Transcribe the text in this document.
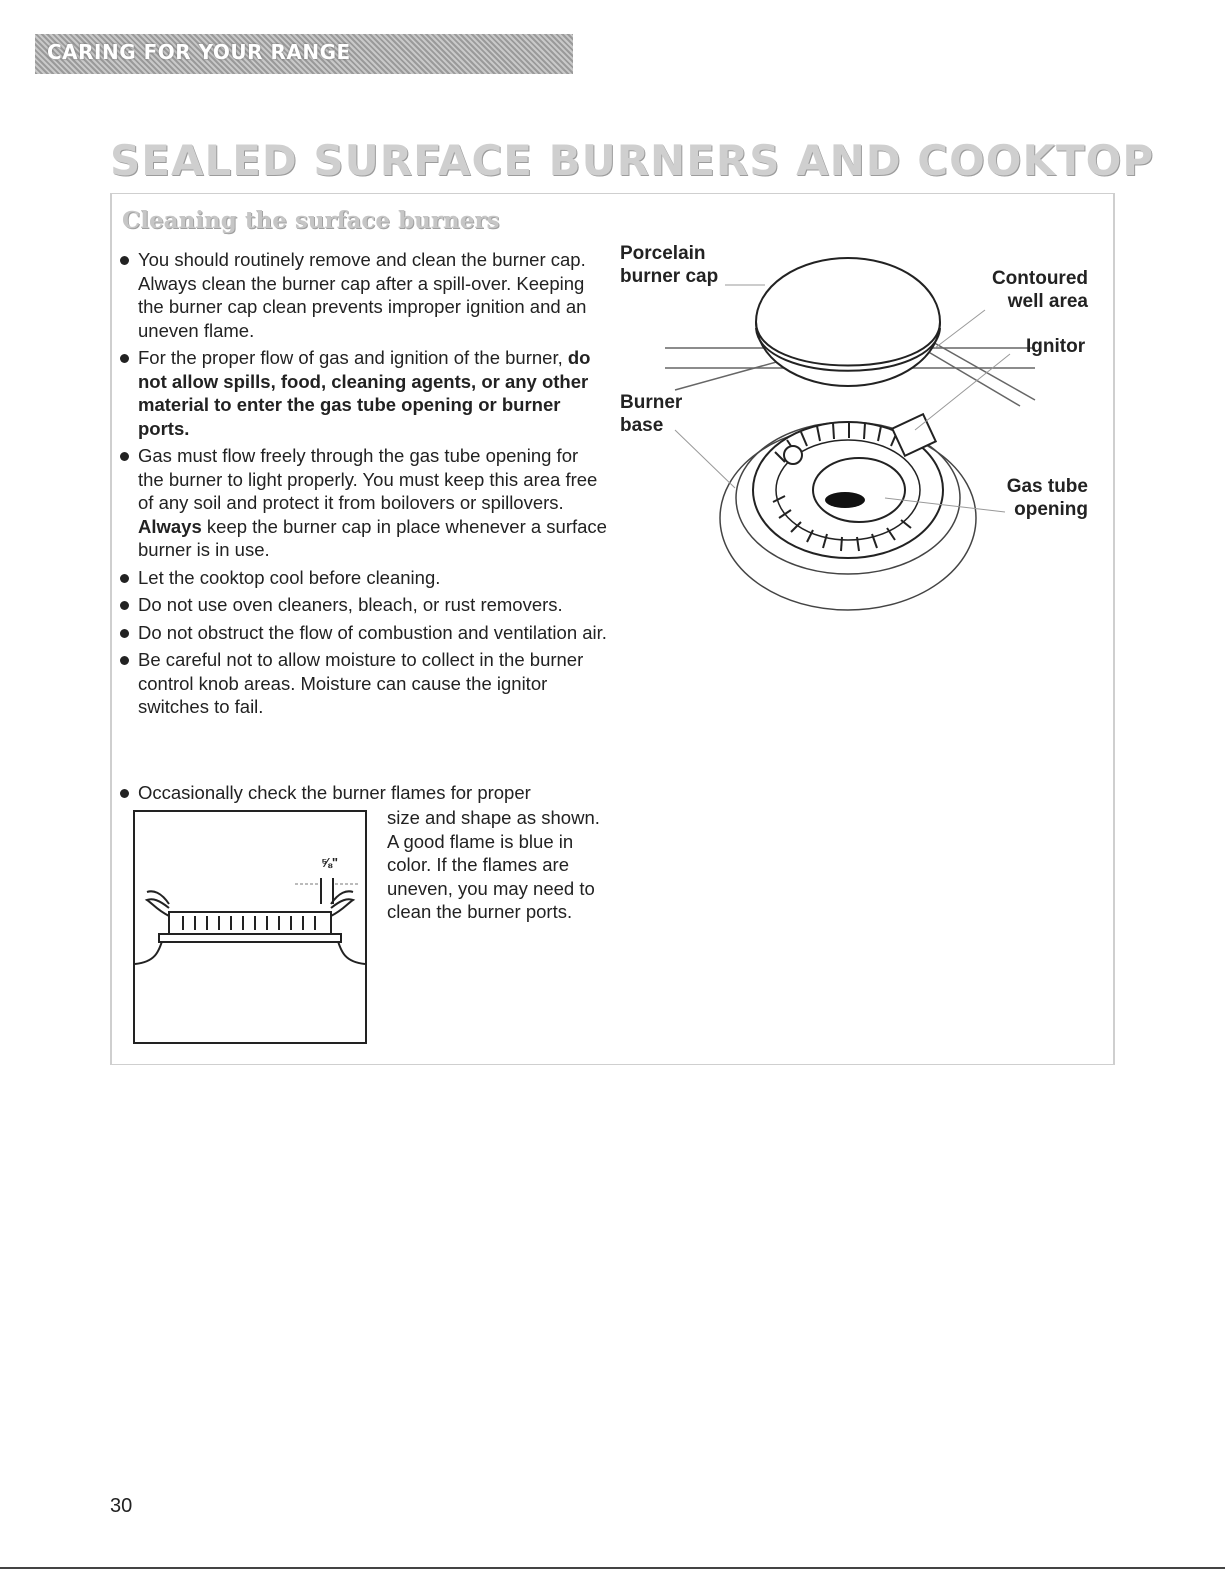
CARING FOR YOUR RANGE
SEALED SURFACE BURNERS AND COOKTOP
Cleaning the surface burners
You should routinely remove and clean the burner cap. Always clean the burner cap after a spill-over. Keeping the burner cap clean prevents improper ignition and an uneven flame.
For the proper flow of gas and ignition of the burner, do not allow spills, food, cleaning agents, or any other material to enter the gas tube opening or burner ports.
Gas must flow freely through the gas tube opening for the burner to light properly. You must keep this area free of any soil and protect it from boilovers or spillovers. Always keep the burner cap in place whenever a surface burner is in use.
Let the cooktop cool before cleaning.
Do not use oven cleaners, bleach, or rust removers.
Do not obstruct the flow of combustion and ventilation air.
Be careful not to allow moisture to collect in the burner control knob areas. Moisture can cause the ignitor switches to fail.
Occasionally check the burner flames for proper
size and shape as shown. A good flame is blue in color. If the flames are uneven, you may need to clean the burner ports.
⅝"
Porcelain
burner cap
Burner
base
Contoured
well area
Ignitor
Gas tube
opening
30
